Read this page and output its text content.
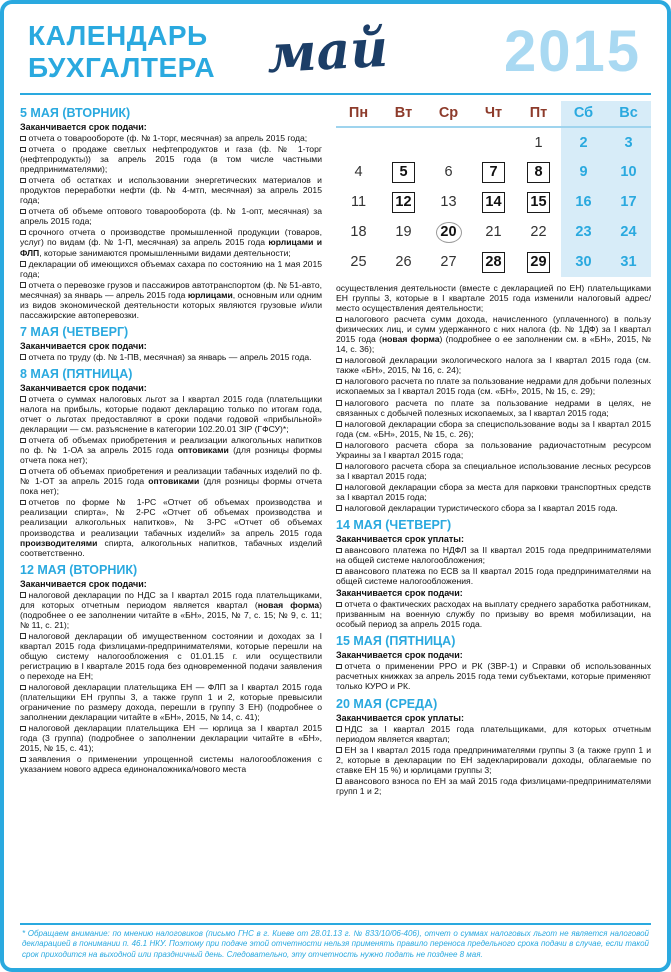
КАЛЕНДАРЬ
БУХГАЛТЕРА май 2015
5 МАЯ (ВТОРНИК)
Заканчивается срок подачи:

отчета о товарообороте (ф. № 1-торг, месячная) за апрель 2015 года;

отчета о продаже светлых нефтепродуктов и газа (ф. № 1-торг (нефтепродукты)) за апрель 2015 года (в том числе частными предпринимателями);

отчета об остатках и использовании энергетических материалов и продуктов переработки нефти (ф. № 4-мтп, месячная) за апрель 2015 года;

отчета об объеме оптового товарооборота (ф. № 1-опт, месячная) за апрель 2015 года;

срочного отчета о производстве промышленной продукции (товаров, услуг) по видам (ф. № 1-П, месячная) за апрель 2015 года юрлицами и ФЛП, которые занимаются промышленными видами деятельности;

декларации об имеющихся объемах сахара по состоянию на 1 мая 2015 года;

отчета о перевозке грузов и пассажиров автотранспортом (ф. № 51-авто, месячная) за январь — апрель 2015 года юрлицами, основным или одним из видов экономической деятельности которых являются грузовые и/или пассажирские автоперевозки.

7 МАЯ (ЧЕТВЕРГ)
Заканчивается срок подачи:

отчета по труду (ф. № 1-ПВ, месячная) за январь — апрель 2015 года.

8 МАЯ (ПЯТНИЦА)
Заканчивается срок подачи:

отчета о суммах налоговых льгот за I квартал 2015 года (плательщики налога на прибыль, которые подают декларацию только по итогам года, отчет о льготах предоставляют в сроки подачи годовой «прибыльной» декларации — см. разъяснение в категории 102.20.01 ЗІР (ГФСУ)*;

отчета об объемах приобретения и реализации алкогольных напитков по ф. № 1-ОА за апрель 2015 года оптовиками (для розницы формы отчета пока нет);

отчета об объемах приобретения и реализации табачных изделий по ф. № 1-ОТ за апрель 2015 года оптовиками (для розницы формы отчета пока нет);

отчетов по форме № 1-РС «Отчет об объемах производства и реализации спирта», № 2-РС «Отчет об объемах производства и реализации алкогольных напитков», № 3-РС «Отчет об объемах производства и реализации табачных изделий» за апрель 2015 года производителями спирта, алкогольных напитков, табачных изделий соответственно.

12 МАЯ (ВТОРНИК)
Заканчивается срок подачи:

налоговой декларации по НДС за I квартал 2015 года плательщиками, для которых отчетным периодом является квартал (новая форма) (подробнее о ее заполнении читайте в «БН», 2015, № 7, с. 15; № 9, с. 11; № 11, с. 21);

налоговой декларации об имущественном состоянии и доходах за I квартал 2015 года физлицами-предпринимателями, которые перешли на общую систему налогообложения с 01.01.15 г. или осуществили регистрацию в I квартале 2015 года без одновременной подачи заявления о переходе на ЕН;

налоговой декларации плательщика ЕН — ФЛП за I квартал 2015 года (плательщики ЕН группы 3, а также групп 1 и 2, которые превысили ограничение по размеру дохода, перешли в группу 3 ЕН) (подробнее о заполнении декларации читайте в «БН», 2015, № 14, с. 41);

налоговой декларации плательщика ЕН — юрлица за I квартал 2015 года (3 группа) (подробнее о заполнении декларации читайте в «БН», 2015, № 15, с. 41);

заявления о применении упрощенной системы налогообложения с указанием нового адреса единоналожника/нового места

Пн	Вт	Ср	Чт	Пт	Сб	Вс
				1	2	3
4	5	6	7	8	9	10
11	12	13	14	15	16	17
18	19	20	21	22	23	24
25	26	27	28	29	30	31

осуществления деятельности (вместе с декларацией по ЕН) плательщиками ЕН группы 3, которые в I квартале 2015 года изменили налоговый адрес/место осуществления деятельности;

налогового расчета сумм дохода, начисленного (уплаченного) в пользу физических лиц, и сумм удержанного с них налога (ф. № 1ДФ) за I квартал 2015 года (новая форма) (подробнее о ее заполнении см. в «БН», 2015, № 14, с. 36);

налоговой декларации экологического налога за I квартал 2015 года (см. также «БН», 2015, № 16, с. 24);

налогового расчета по плате за пользование недрами для добычи полезных ископаемых за I квартал 2015 года (см. «БН», 2015, № 15, с. 29);

налогового расчета по плате за пользование недрами в целях, не связанных с добычей полезных ископаемых, за I квартал 2015 года;

налоговой декларации сбора за специспользование воды за I квартал 2015 года (см. «БН», 2015, № 15, с. 26);

налогового расчета сбора за пользование радиочастотным ресурсом Украины за I квартал 2015 года;

налогового расчета сбора за специальное использование лесных ресурсов за I квартал 2015 года;

налоговой декларации сбора за места для парковки транспортных средств за I квартал 2015 года;

налоговой декларации туристического сбора за I квартал 2015 года.

14 МАЯ (ЧЕТВЕРГ)
Заканчивается срок уплаты:

авансового платежа по НДФЛ за II квартал 2015 года предпринимателями на общей системе налогообложения;

авансового платежа по ЕСВ за II квартал 2015 года предпринимателями на общей системе налогообложения.

Заканчивается срок подачи:

отчета о фактических расходах на выплату среднего заработка работникам, призванным на военную службу по призыву во время мобилизации, на особый период за апрель 2015 года.

15 МАЯ (ПЯТНИЦА)
Заканчивается срок подачи:

отчета о применении РРО и РК (ЗВР-1) и Справки об использованных расчетных книжках за апрель 2015 года теми субъектами, которые применяют только КУРО и РК.

20 МАЯ (СРЕДА)
Заканчивается срок уплаты:

НДС за I квартал 2015 года плательщиками, для которых отчетным периодом является квартал;

ЕН за I квартал 2015 года предпринимателями группы 3 (а также групп 1 и 2, которые в декларации по ЕН задекларировали доходы, облагаемые по ставке ЕН 15 %) и юрлицами группы 3;

авансового взноса по ЕН за май 2015 года физлицами-предпринимателями групп 1 и 2;

* Обращаем внимание: по мнению налоговиков (письмо ГНС в г. Киеве от 28.01.13 г. № 833/10/06-406), отчет о суммах налоговых льгот не является налоговой декларацией в понимании п. 46.1 НКУ. Поэтому при подаче этой отчетности нельзя применять правило переноса предельного срока подачи в случае, если такой срок приходится на выходной или праздничный день. Следовательно, эту отчетность нужно подать не позднее 8 мая.
